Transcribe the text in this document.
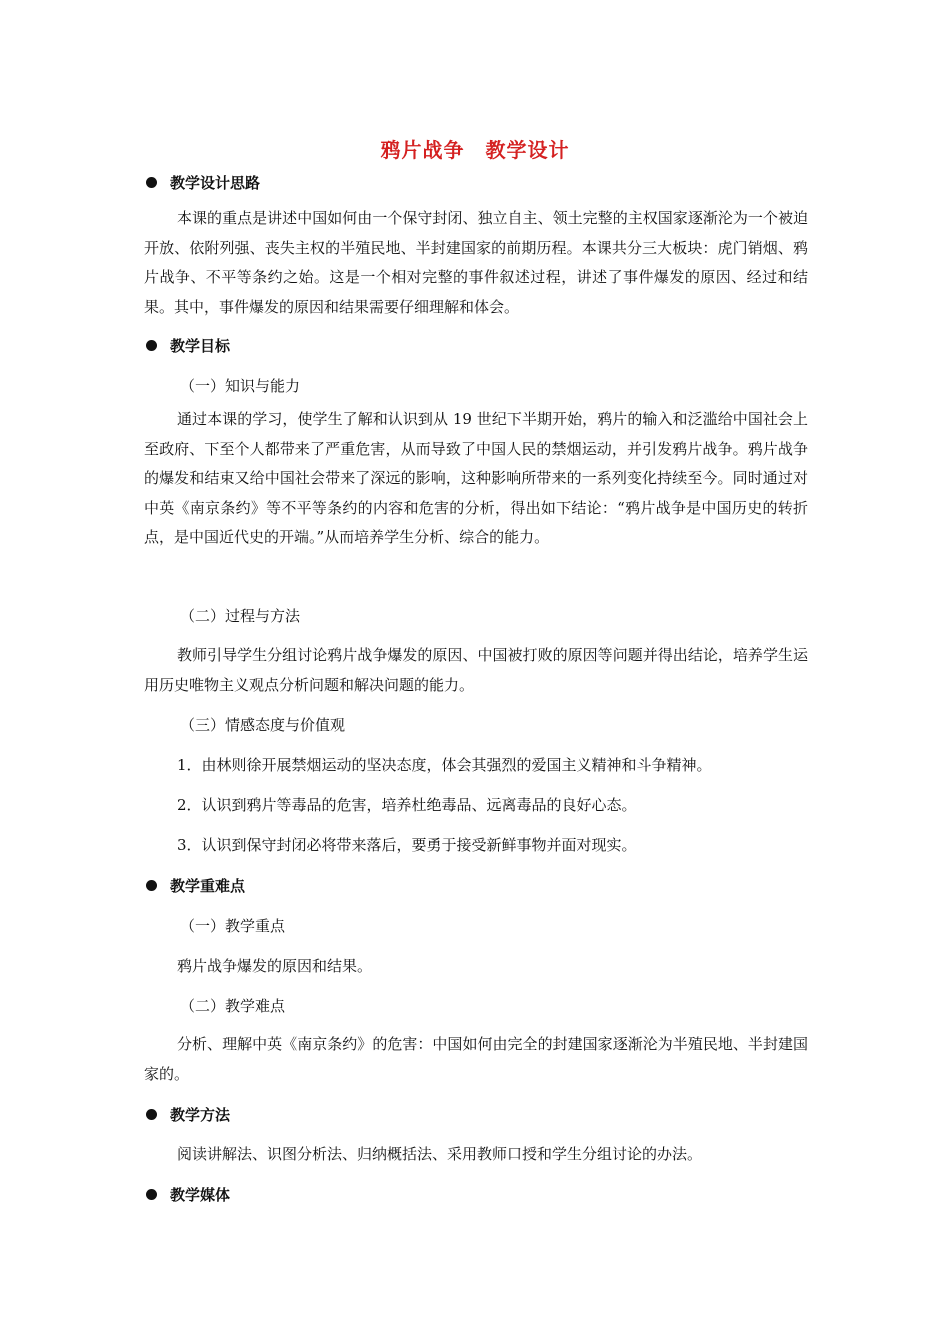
鸦片战争　教学设计
教学设计思路
本课的重点是讲述中国如何由一个保守封闭、独立自主、领土完整的主权国家逐渐沦为一个被迫开放、依附列强、丧失主权的半殖民地、半封建国家的前期历程。本课共分三大板块：虎门销烟、鸦片战争、不平等条约之始。这是一个相对完整的事件叙述过程，讲述了事件爆发的原因、经过和结果。其中，事件爆发的原因和结果需要仔细理解和体会。
教学目标
（一）知识与能力
通过本课的学习，使学生了解和认识到从 19 世纪下半期开始，鸦片的输入和泛滥给中国社会上至政府、下至个人都带来了严重危害，从而导致了中国人民的禁烟运动，并引发鸦片战争。鸦片战争的爆发和结束又给中国社会带来了深远的影响，这种影响所带来的一系列变化持续至今。同时通过对中英《南京条约》等不平等条约的内容和危害的分析，得出如下结论：“鸦片战争是中国历史的转折点，是中国近代史的开端。”从而培养学生分析、综合的能力。
（二）过程与方法
教师引导学生分组讨论鸦片战争爆发的原因、中国被打败的原因等问题并得出结论，培养学生运用历史唯物主义观点分析问题和解决问题的能力。
（三）情感态度与价值观
1．由林则徐开展禁烟运动的坚决态度，体会其强烈的爱国主义精神和斗争精神。
2．认识到鸦片等毒品的危害，培养杜绝毒品、远离毒品的良好心态。
3．认识到保守封闭必将带来落后，要勇于接受新鲜事物并面对现实。
教学重难点
（一）教学重点
鸦片战争爆发的原因和结果。
（二）教学难点
分析、理解中英《南京条约》的危害：中国如何由完全的封建国家逐渐沦为半殖民地、半封建国家的。
教学方法
阅读讲解法、识图分析法、归纳概括法、采用教师口授和学生分组讨论的办法。
教学媒体
